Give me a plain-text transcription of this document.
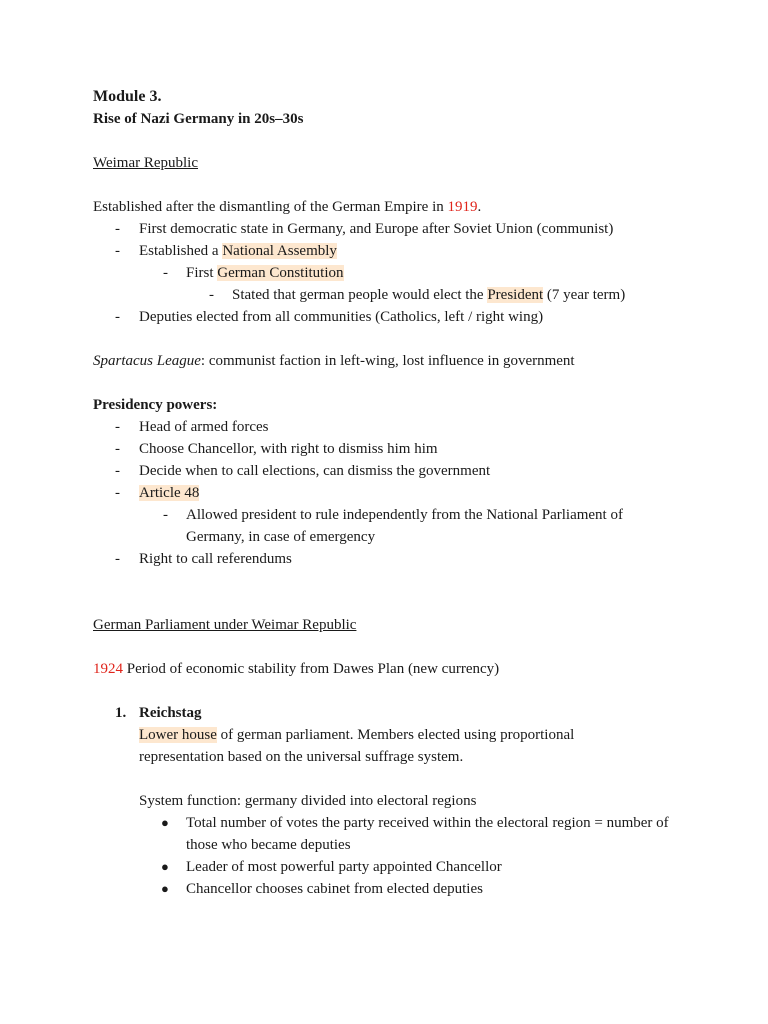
Module 3.
Rise of Nazi Germany in 20s–30s
Weimar Republic
Established after the dismantling of the German Empire in 1919.
- First democratic state in Germany, and Europe after Soviet Union (communist)
- Established a National Assembly
- First German Constitution
- Stated that german people would elect the President (7 year term)
- Deputies elected from all communities (Catholics, left / right wing)
Spartacus League: communist faction in left-wing, lost influence in government
Presidency powers:
- Head of armed forces
- Choose Chancellor, with right to dismiss him him
- Decide when to call elections, can dismiss the government
- Article 48
- Allowed president to rule independently from the National Parliament of Germany, in case of emergency
- Right to call referendums
German Parliament under Weimar Republic
1924 Period of economic stability from Dawes Plan (new currency)
1. Reichstag
Lower house of german parliament. Members elected using proportional
representation based on the universal suffrage system.
System function: germany divided into electoral regions
● Total number of votes the party received within the electoral region = number of those who became deputies
● Leader of most powerful party appointed Chancellor
● Chancellor chooses cabinet from elected deputies
